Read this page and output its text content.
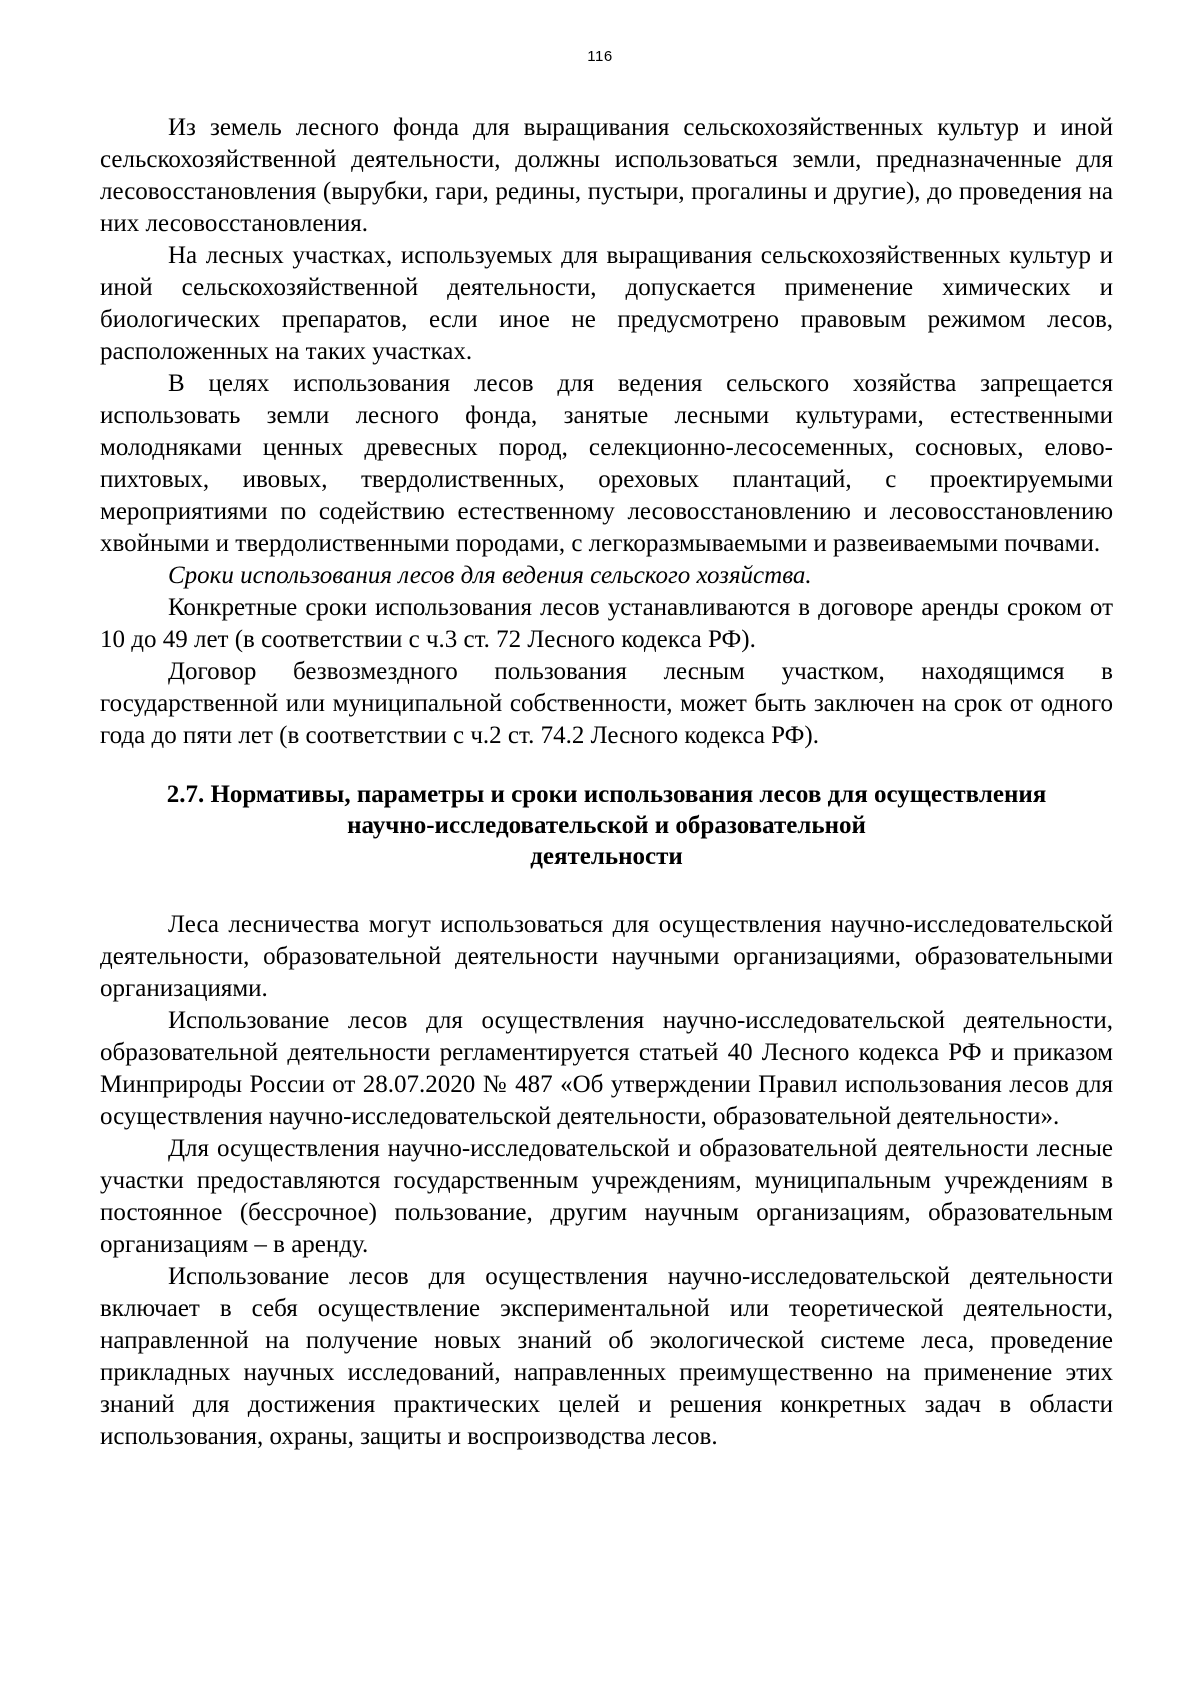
116

Из земель лесного фонда для выращивания сельскохозяйственных культур и иной сельскохозяйственной деятельности, должны использоваться земли, предназначенные для лесовосстановления (вырубки, гари, редины, пустыри, прогалины и другие), до проведения на них лесовосстановления.

На лесных участках, используемых для выращивания сельскохозяйственных культур и иной сельскохозяйственной деятельности, допускается применение химических и биологических препаратов, если иное не предусмотрено правовым режимом лесов, расположенных на таких участках.

В целях использования лесов для ведения сельского хозяйства запрещается использовать земли лесного фонда, занятые лесными культурами, естественными молодняками ценных древесных пород, селекционно-лесосеменных, сосновых, елово-пихтовых, ивовых, твердолиственных, ореховых плантаций, с проектируемыми мероприятиями по содействию естественному лесовосстановлению и лесовосстановлению хвойными и твердолиственными породами, с легкоразмываемыми и развеиваемыми почвами.

Сроки использования лесов для ведения сельского хозяйства.

Конкретные сроки использования лесов устанавливаются в договоре аренды сроком от 10 до 49 лет (в соответствии с ч.3 ст. 72 Лесного кодекса РФ).

Договор безвозмездного пользования лесным участком, находящимся в государственной или муниципальной собственности, может быть заключен на срок от одного года до пяти лет (в соответствии с ч.2 ст. 74.2 Лесного кодекса РФ).

2.7. Нормативы, параметры и сроки использования лесов для осуществления
научно-исследовательской и образовательной
деятельности

Леса лесничества могут использоваться для осуществления научно-исследовательской деятельности, образовательной деятельности научными организациями, образовательными организациями.

Использование лесов для осуществления научно-исследовательской деятельности, образовательной деятельности регламентируется статьей 40 Лесного кодекса РФ и приказом Минприроды России от 28.07.2020 № 487 «Об утверждении Правил использования лесов для осуществления научно-исследовательской деятельности, образовательной деятельности».

Для осуществления научно-исследовательской и образовательной деятельности лесные участки предоставляются государственным учреждениям, муниципальным учреждениям в постоянное (бессрочное) пользование, другим научным организациям, образовательным организациям – в аренду.

Использование лесов для осуществления научно-исследовательской деятельности включает в себя осуществление экспериментальной или теоретической деятельности, направленной на получение новых знаний об экологической системе леса, проведение прикладных научных исследований, направленных преимущественно на применение этих знаний для достижения практических целей и решения конкретных задач в области использования, охраны, защиты и воспроизводства лесов.
